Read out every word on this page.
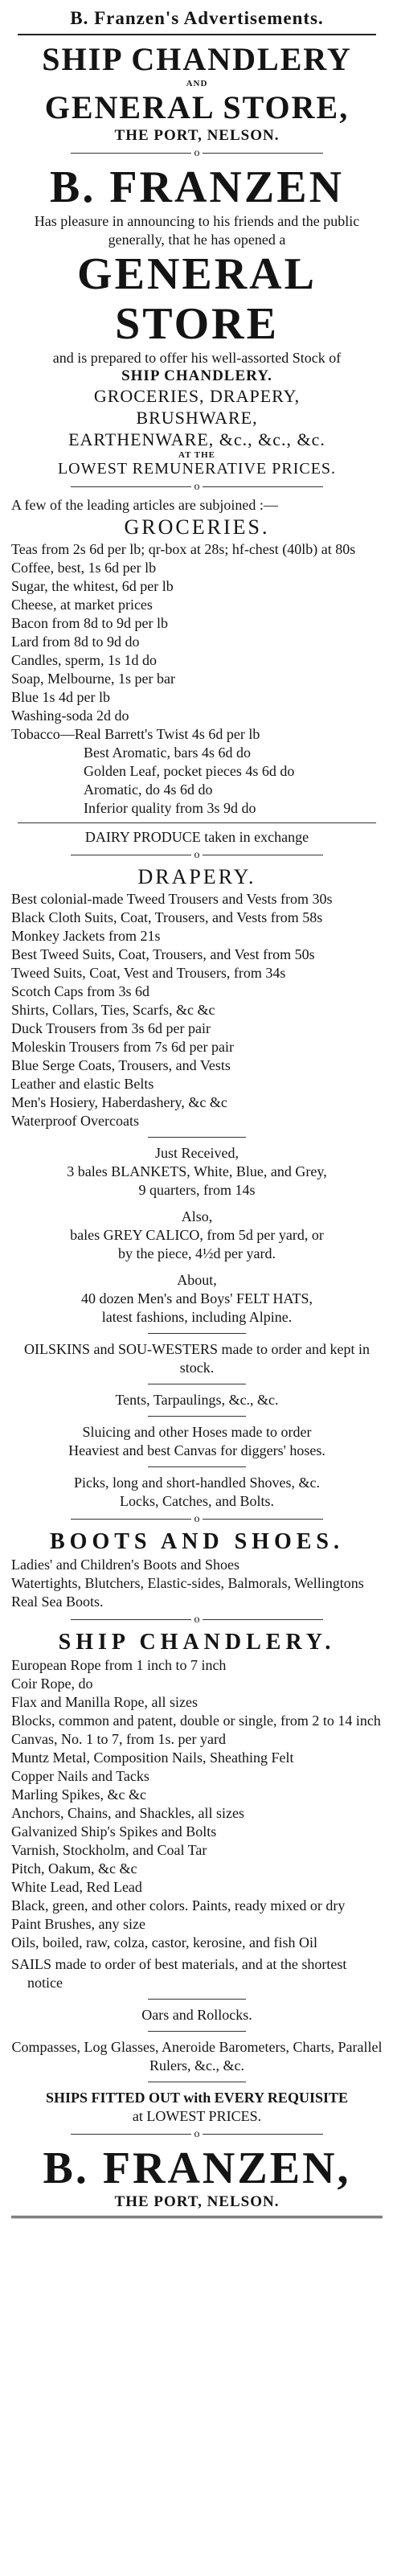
B. Franzen's Advertisements.
SHIP CHANDLERY
AND
GENERAL STORE,
THE PORT, NELSON.
o
B. FRANZEN
Has pleasure in announcing to his friends and the public generally, that he has opened a
GENERAL STORE
and is prepared to offer his well-assorted Stock of
SHIP CHANDLERY.
GROCERIES, DRAPERY,
BRUSHWARE,
EARTHENWARE, &c., &c., &c.
AT THE
LOWEST REMUNERATIVE PRICES.
o
A few of the leading articles are subjoined :—
GROCERIES.
Teas from 2s 6d per lb; qr-box at 28s; hf-chest (40lb) at 80s
Coffee, best, 1s 6d per lb
Sugar, the whitest, 6d per lb
Cheese, at market prices
Bacon from 8d to 9d per lb
Lard from 8d to 9d do
Candles, sperm, 1s 1d do
Soap, Melbourne, 1s per bar
Blue 1s 4d per lb
Washing-soda 2d do
Tobacco—Real Barrett's Twist 4s 6d per lb
Best Aromatic, bars 4s 6d do
Golden Leaf, pocket pieces 4s 6d do
Aromatic, do 4s 6d do
Inferior quality from 3s 9d do
DAIRY PRODUCE taken in exchange
o
DRAPERY.
Best colonial-made Tweed Trousers and Vests from 30s
Black Cloth Suits, Coat, Trousers, and Vests from 58s
Monkey Jackets from 21s
Best Tweed Suits, Coat, Trousers, and Vest from 50s
Tweed Suits, Coat, Vest and Trousers, from 34s
Scotch Caps from 3s 6d
Shirts, Collars, Ties, Scarfs, &c &c
Duck Trousers from 3s 6d per pair
Moleskin Trousers from 7s 6d per pair
Blue Serge Coats, Trousers, and Vests
Leather and elastic Belts
Men's Hosiery, Haberdashery, &c &c
Waterproof Overcoats
Just Received,
3 bales BLANKETS, White, Blue, and Grey,
9 quarters, from 14s
Also,
bales GREY CALICO, from 5d per yard, or
by the piece, 4½d per yard.
About,
40 dozen Men's and Boys' FELT HATS,
latest fashions, including Alpine.
OILSKINS and SOU-WESTERS made to order and kept in stock.
Tents, Tarpaulings, &c., &c.
Sluicing and other Hoses made to order
Heaviest and best Canvas for diggers' hoses.
Picks, long and short-handled Shoves, &c.
Locks, Catches, and Bolts.
o
BOOTS AND SHOES.
Ladies' and Children's Boots and Shoes
Watertights, Blutchers, Elastic-sides, Balmorals, Wellingtons
Real Sea Boots.
o
SHIP CHANDLERY.
European Rope from 1 inch to 7 inch
Coir Rope, do
Flax and Manilla Rope, all sizes
Blocks, common and patent, double or single, from 2 to 14 inch
Canvas, No. 1 to 7, from 1s. per yard
Muntz Metal, Composition Nails, Sheathing Felt
Copper Nails and Tacks
Marling Spikes, &c &c
Anchors, Chains, and Shackles, all sizes
Galvanized Ship's Spikes and Bolts
Varnish, Stockholm, and Coal Tar
Pitch, Oakum, &c &c
White Lead, Red Lead
Black, green, and other colors. Paints, ready mixed or dry
Paint Brushes, any size
Oils, boiled, raw, colza, castor, kerosine, and fish Oil
SAILS made to order of best materials, and at the shortest notice
Oars and Rollocks.
Compasses, Log Glasses, Aneroide Barometers, Charts, Parallel Rulers, &c., &c.
SHIPS FITTED OUT with EVERY REQUISITE
at LOWEST PRICES.
o
B. FRANZEN,
THE PORT, NELSON.
